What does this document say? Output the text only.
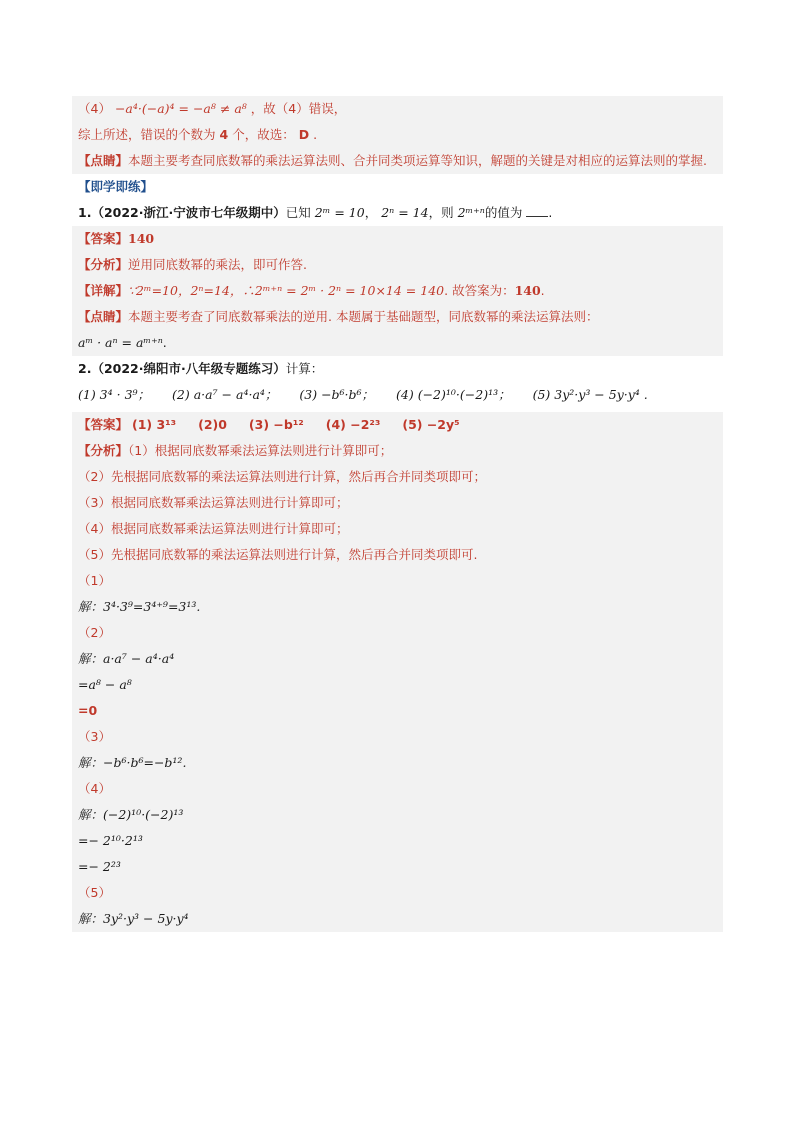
（4） −a⁴·(−a)⁴ = −a⁸ ≠ a⁸ ，故（4）错误，
综上所述，错误的个数为 4 个，故选： D .
【点睛】本题主要考查同底数幂的乘法运算法则、合并同类项运算等知识，解题的关键是对相应的运算法则的掌握.
【即学即练】
1.（2022·浙江·宁波市七年级期中）已知 2ᵐ = 10， 2ⁿ = 14，则 2ᵐ⁺ⁿ的值为 .
【答案】140
【分析】逆用同底数幂的乘法，即可作答.
【详解】∵2ᵐ=10，2ⁿ=14，∴2ᵐ⁺ⁿ = 2ᵐ · 2ⁿ = 10×14 = 140. 故答案为：140.
【点睛】本题主要考查了同底数幂乘法的逆用. 本题属于基础题型，同底数幂的乘法运算法则：
aᵐ · aⁿ = aᵐ⁺ⁿ.
2.（2022·绵阳市·八年级专题练习）计算：
(1) 3⁴ · 3⁹； (2) a·a⁷ − a⁴·a⁴； (3) −b⁶·b⁶； (4) (−2)¹⁰·(−2)¹³； (5) 3y²·y³ − 5y·y⁴ .
【答案】 (1) 3¹³ (2)0 (3) −b¹² (4) −2²³ (5) −2y⁵
【分析】（1）根据同底数幂乘法运算法则进行计算即可；
（2）先根据同底数幂的乘法运算法则进行计算，然后再合并同类项即可；
（3）根据同底数幂乘法运算法则进行计算即可；
（4）根据同底数幂乘法运算法则进行计算即可；
（5）先根据同底数幂的乘法运算法则进行计算，然后再合并同类项即可.
（1）
解：3⁴·3⁹=3⁴⁺⁹=3¹³.
（2）
解：a·a⁷ − a⁴·a⁴
=a⁸ − a⁸
=0
（3）
解：−b⁶·b⁶=−b¹².
（4）
解：(−2)¹⁰·(−2)¹³
=− 2¹⁰·2¹³
=− 2²³
（5）
解：3y²·y³ − 5y·y⁴
